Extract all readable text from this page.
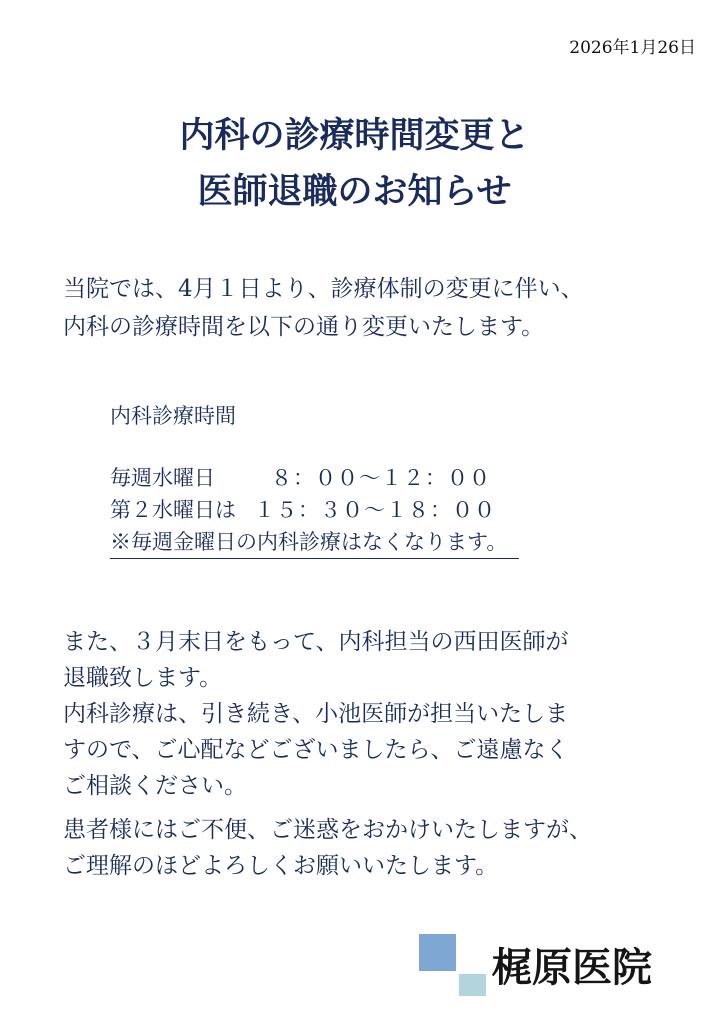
2026年1月26日
内科の診療時間変更と
医師退職のお知らせ
当院では、4月１日より、診療体制の変更に伴い、
内科の診療時間を以下の通り変更いたします。
内科診療時間
毎週水曜日	８：００～１２：００
第２水曜日は １５：３０～１８：００
※毎週金曜日の内科診療はなくなります。
また、３月末日をもって、内科担当の西田医師が
退職致します。
内科診療は、引き続き、小池医師が担当いたしま
すので、ご心配などございましたら、ご遠慮なく
ご相談ください。
患者様にはご不便、ご迷惑をおかけいたしますが、
ご理解のほどよろしくお願いいたします。
梶原医院
